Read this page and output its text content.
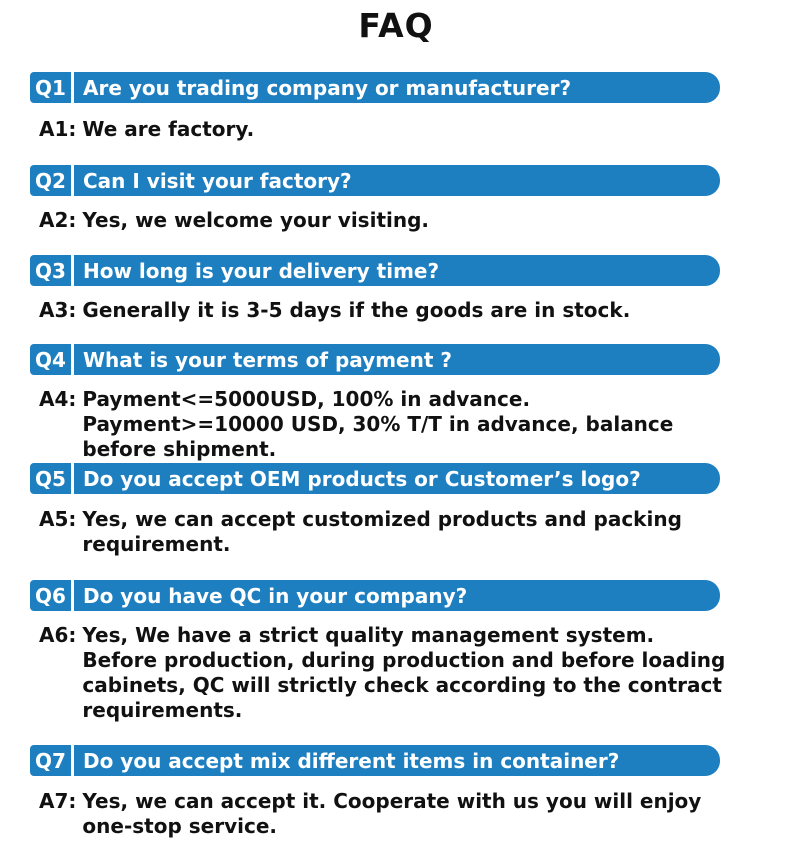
FAQ
Q1 Are you trading company or manufacturer?
A1: We are factory.
Q2 Can I visit your factory?
A2: Yes, we welcome your visiting.
Q3 How long is your delivery time?
A3: Generally it is 3-5 days if the goods are in stock.
Q4 What is your terms of payment ?
A4: Payment<=5000USD, 100% in advance. Payment>=10000 USD, 30% T/T in advance, balance before shipment.
Q5 Do you accept OEM products or Customer’s logo?
A5: Yes, we can accept customized products and packing requirement.
Q6 Do you have QC in your company?
A6: Yes, We have a strict quality management system. Before production, during production and before loading cabinets, QC will strictly check according to the contract requirements.
Q7 Do you accept mix different items in container?
A7: Yes, we can accept it. Cooperate with us you will enjoy one-stop service.
